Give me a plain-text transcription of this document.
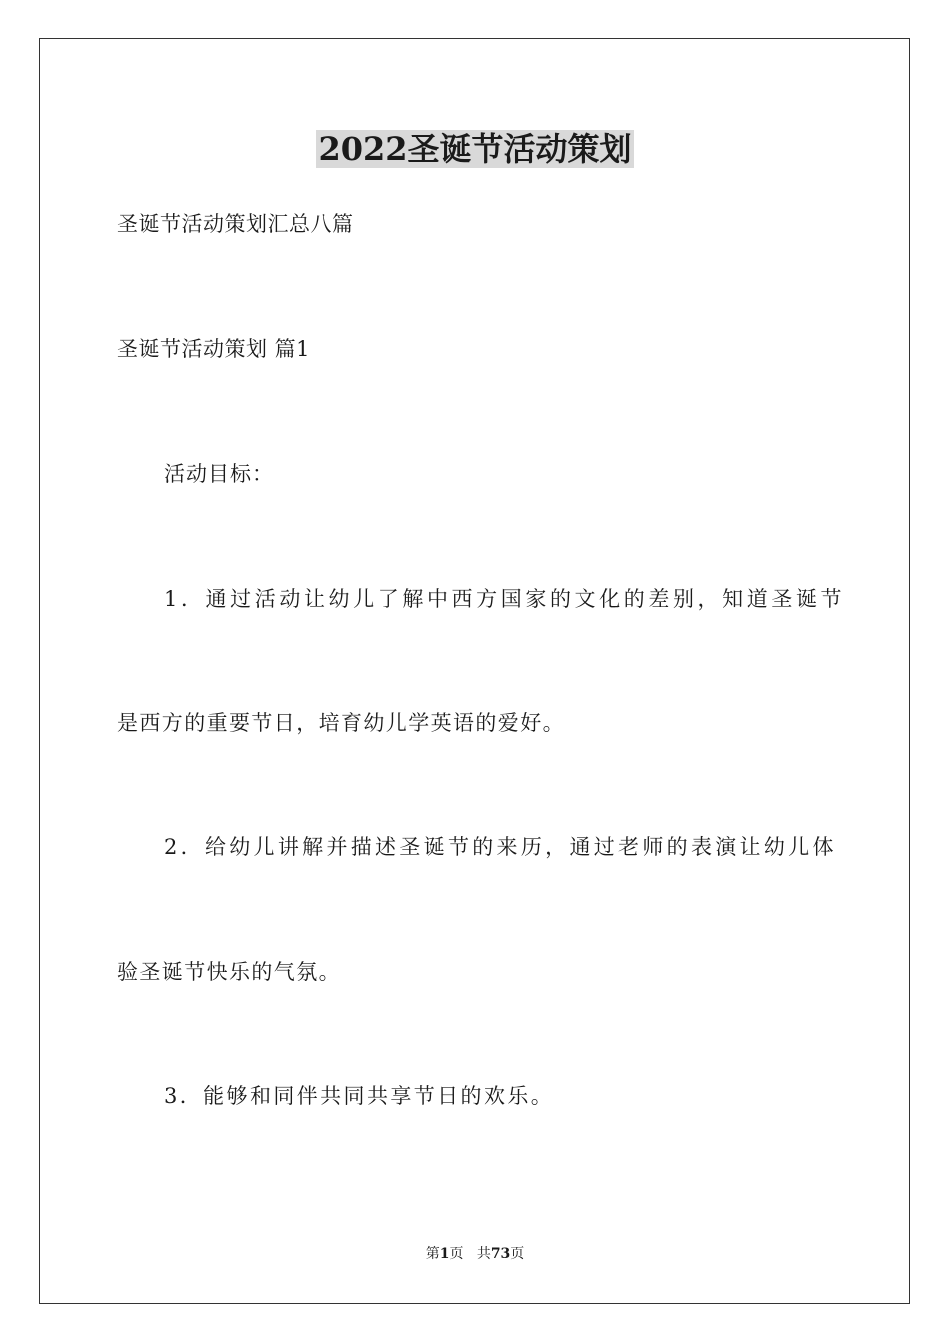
2022圣诞节活动策划
圣诞节活动策划汇总八篇
圣诞节活动策划 篇1
活动目标：
1．通过活动让幼儿了解中西方国家的文化的差别，知道圣诞节
是西方的重要节日，培育幼儿学英语的爱好。
2．给幼儿讲解并描述圣诞节的来历，通过老师的表演让幼儿体
验圣诞节快乐的气氛。
3．能够和同伴共同共享节日的欢乐。
第1页 共73页
